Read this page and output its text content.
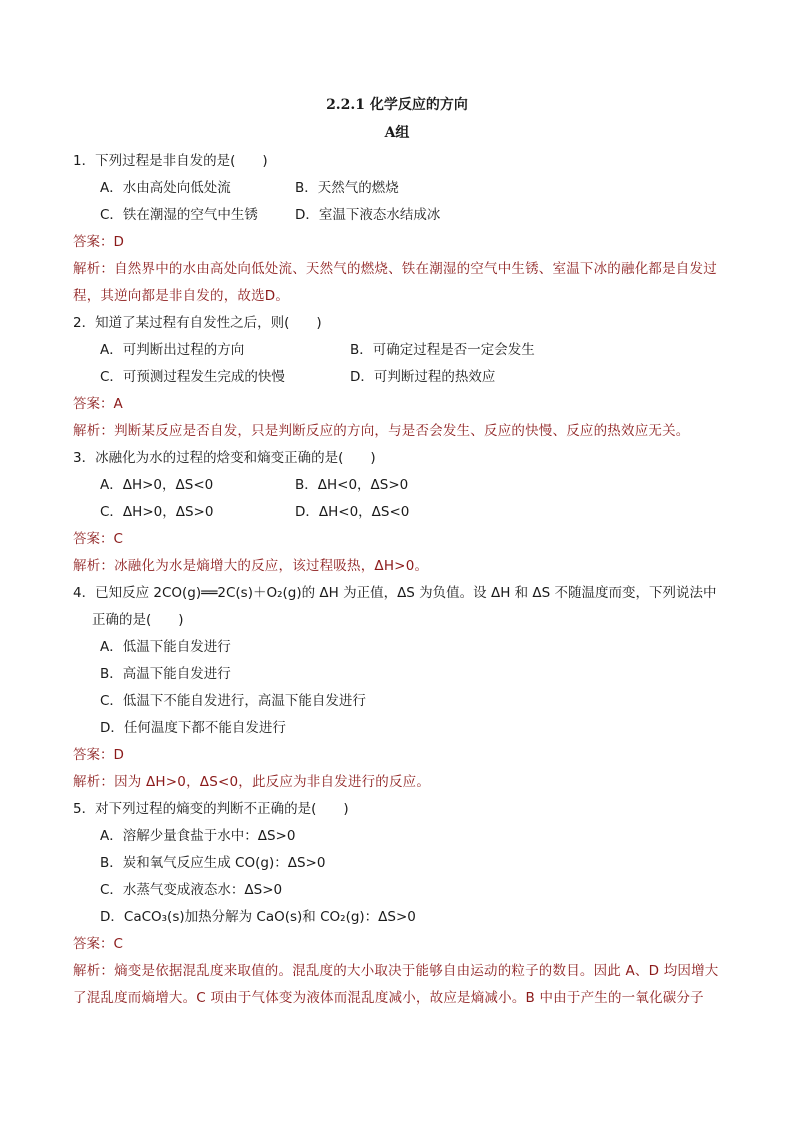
2.2.1 化学反应的方向
A组
1．下列过程是非自发的是(　　)
A．水由高处向低处流	B．天然气的燃烧
C．铁在潮湿的空气中生锈	D．室温下液态水结成冰
答案：D
解析：自然界中的水由高处向低处流、天然气的燃烧、铁在潮湿的空气中生锈、室温下冰的融化都是自发过程，其逆向都是非自发的，故选D。
2．知道了某过程有自发性之后，则(　　)
A．可判断出过程的方向	B．可确定过程是否一定会发生
C．可预测过程发生完成的快慢	D．可判断过程的热效应
答案：A
解析：判断某反应是否自发，只是判断反应的方向，与是否会发生、反应的快慢、反应的热效应无关。
3．冰融化为水的过程的焓变和熵变正确的是(　　)
A．ΔH>0，ΔS<0	B．ΔH<0，ΔS>0
C．ΔH>0，ΔS>0	D．ΔH<0，ΔS<0
答案：C
解析：冰融化为水是熵增大的反应，该过程吸热，ΔH>0。
4．已知反应 2CO(g)══2C(s)＋O₂(g)的 ΔH 为正值，ΔS 为负值。设 ΔH 和 ΔS 不随温度而变，下列说法中正确的是(　　)
A．低温下能自发进行
B．高温下能自发进行
C．低温下不能自发进行，高温下能自发进行
D．任何温度下都不能自发进行
答案：D
解析：因为 ΔH>0，ΔS<0，此反应为非自发进行的反应。
5．对下列过程的熵变的判断不正确的是(　　)
A．溶解少量食盐于水中：ΔS>0
B．炭和氧气反应生成 CO(g)：ΔS>0
C．水蒸气变成液态水：ΔS>0
D．CaCO₃(s)加热分解为 CaO(s)和 CO₂(g)：ΔS>0
答案：C
解析：熵变是依据混乱度来取值的。混乱度的大小取决于能够自由运动的粒子的数目。因此 A、D 均因增大了混乱度而熵增大。C 项由于气体变为液体而混乱度减小，故应是熵减小。B 中由于产生的一氧化碳分子
